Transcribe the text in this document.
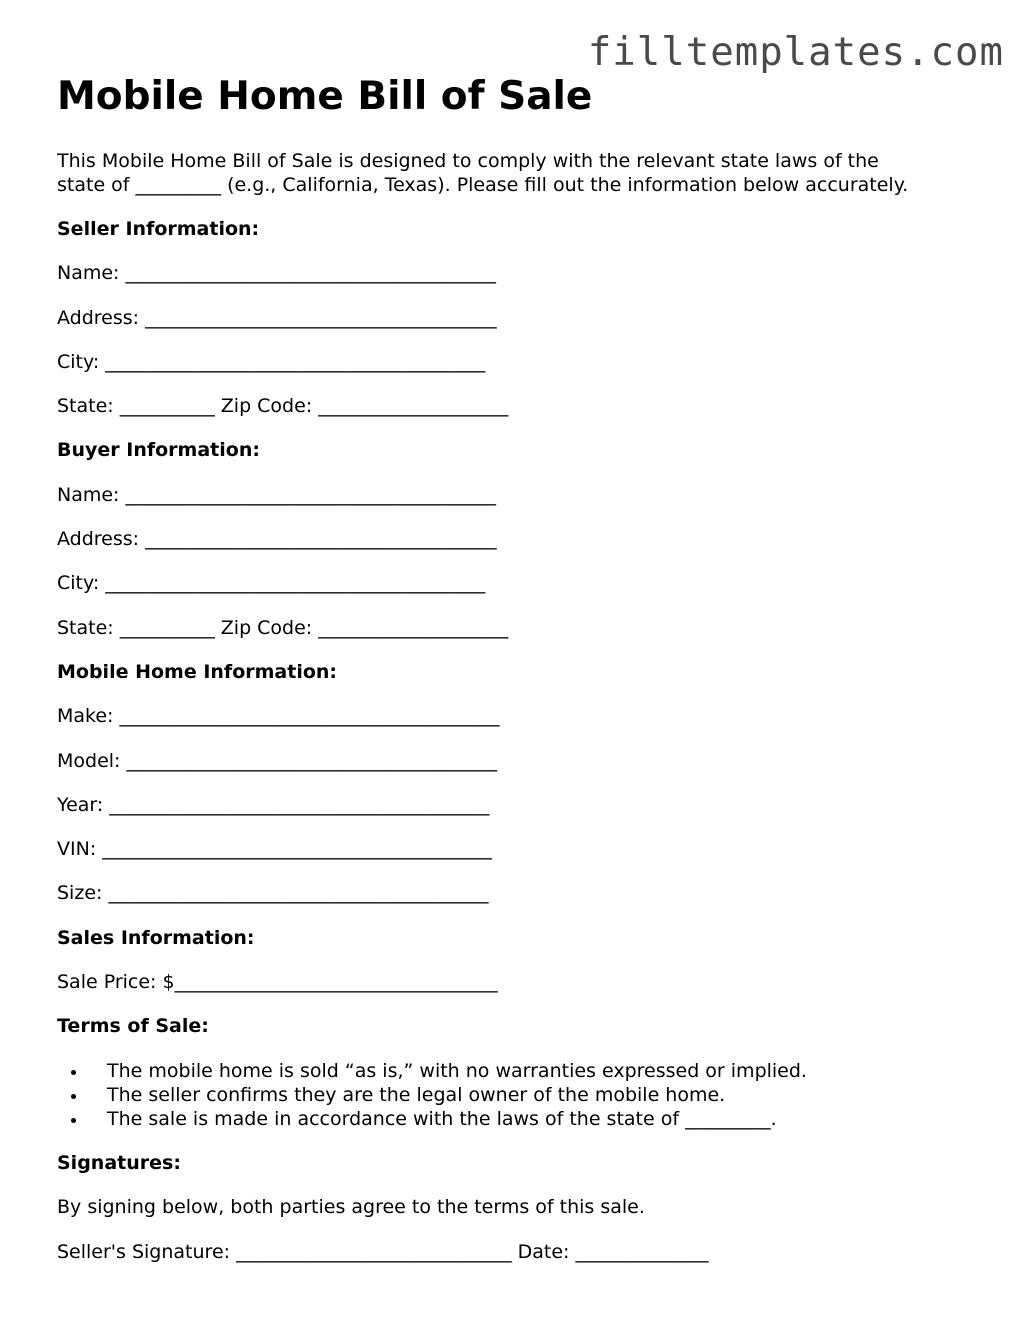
filltemplates.com
Mobile Home Bill of Sale

This Mobile Home Bill of Sale is designed to comply with the relevant state laws of the
state of _________ (e.g., California, Texas). Please fill out the information below accurately.

Seller Information:
Name: _______________________________________
Address: _____________________________________
City: ________________________________________
State: __________ Zip Code: ____________________
Buyer Information:
Name: _______________________________________
Address: _____________________________________
City: ________________________________________
State: __________ Zip Code: ____________________
Mobile Home Information:
Make: ________________________________________
Model: _______________________________________
Year: ________________________________________
VIN: _________________________________________
Size: ________________________________________
Sales Information:
Sale Price: $__________________________________
Terms of Sale:
• The mobile home is sold “as is,” with no warranties expressed or implied.
• The seller confirms they are the legal owner of the mobile home.
• The sale is made in accordance with the laws of the state of _________.
Signatures:
By signing below, both parties agree to the terms of this sale.
Seller's Signature: _____________________________ Date: ______________
